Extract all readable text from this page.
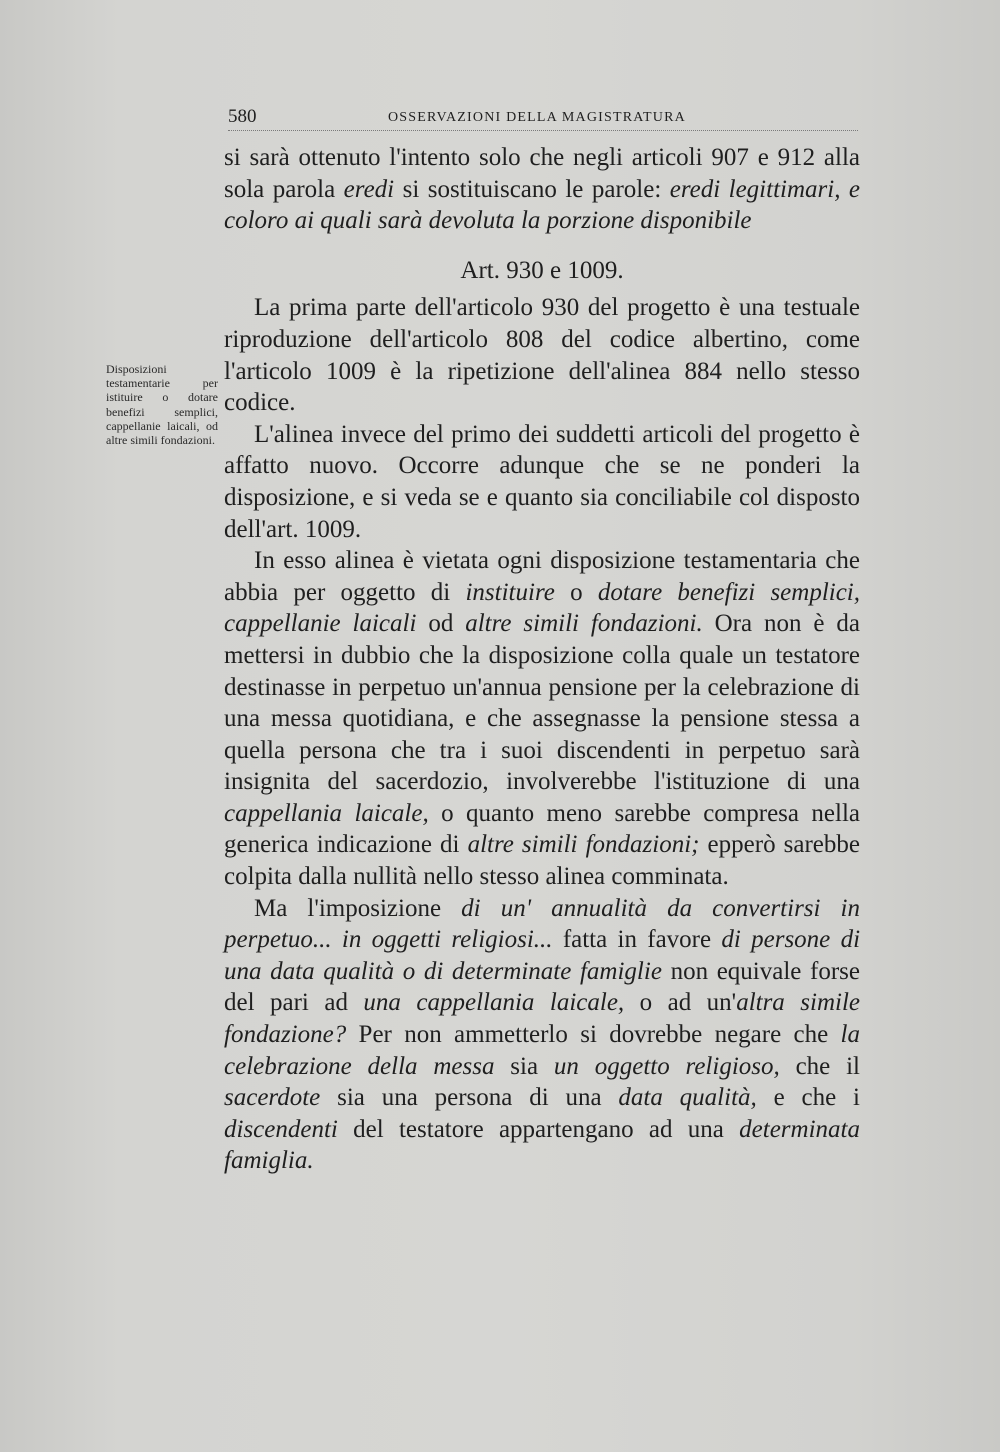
580	OSSERVAZIONI DELLA MAGISTRATURA
Disposizioni testamentarie per istituire o dotare benefizi semplici, cappellanie laicali, od altre simili fondazioni.

si sarà ottenuto l'intento solo che negli articoli 907 e 912 alla sola parola eredi si sostituiscano le parole: eredi legittimari, e coloro ai quali sarà devoluta la porzione disponibile

Art. 930 e 1009.

La prima parte dell'articolo 930 del progetto è una testuale riproduzione dell'articolo 808 del codice albertino, come l'articolo 1009 è la ripetizione dell'alinea 884 nello stesso codice.

L'alinea invece del primo dei suddetti articoli del progetto è affatto nuovo. Occorre adunque che se ne ponderi la disposizione, e si veda se e quanto sia conciliabile col disposto dell'art. 1009.

In esso alinea è vietata ogni disposizione testamentaria che abbia per oggetto di instituire o dotare benefizi semplici, cappellanie laicali od altre simili fondazioni. Ora non è da mettersi in dubbio che la disposizione colla quale un testatore destinasse in perpetuo un'annua pensione per la celebrazione di una messa quotidiana, e che assegnasse la pensione stessa a quella persona che tra i suoi discendenti in perpetuo sarà insignita del sacerdozio, involverebbe l'istituzione di una cappellania laicale, o quanto meno sarebbe compresa nella generica indicazione di altre simili fondazioni; epperò sarebbe colpita dalla nullità nello stesso alinea comminata.

Ma l'imposizione di un' annualità da convertirsi in perpetuo... in oggetti religiosi... fatta in favore di persone di una data qualità o di determinate famiglie non equivale forse del pari ad una cappellania laicale, o ad un'altra simile fondazione? Per non ammetterlo si dovrebbe negare che la celebrazione della messa sia un oggetto religioso, che il sacerdote sia una persona di una data qualità, e che i discendenti del testatore appartengano ad una determinata famiglia.
